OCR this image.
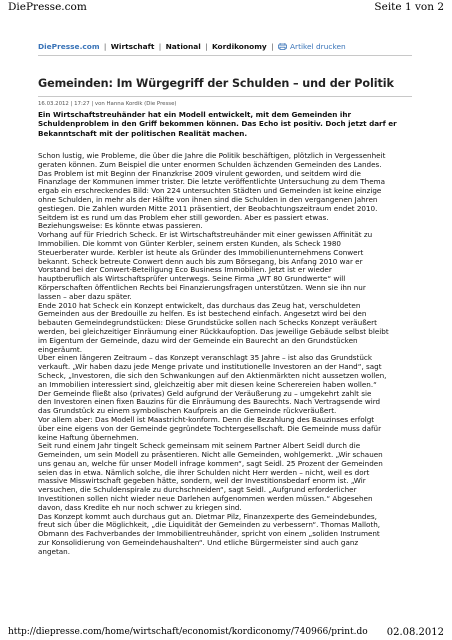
DiePresse.com	Seite 1 von 2
DiePresse.com | Wirtschaft | National | Kordikonomy | Artikel drucken
Gemeinden: Im Würgegriff der Schulden – und der Politik
16.03.2012 | 17:27 | von Hanna Kordik (Die Presse)
Ein Wirtschaftstreuhänder hat ein Modell entwickelt, mit dem Gemeinden ihr
Schuldenproblem in den Griff bekommen können. Das Echo ist positiv. Doch jetzt darf er
Bekanntschaft mit der politischen Realität machen.
Schon lustig, wie Probleme, die über die Jahre die Politik beschäftigen, plötzlich in Vergessenheit
geraten können. Zum Beispiel die unter enormen Schulden ächzenden Gemeinden des Landes.
Das Problem ist mit Beginn der Finanzkrise 2009 virulent geworden, und seitdem wird die
Finanzlage der Kommunen immer trister. Die letzte veröffentlichte Untersuchung zu dem Thema
ergab ein erschreckendes Bild: Von 224 untersuchten Städten und Gemeinden ist keine einzige
ohne Schulden, in mehr als der Hälfte von ihnen sind die Schulden in den vergangenen Jahren
gestiegen. Die Zahlen wurden Mitte 2011 präsentiert, der Beobachtungszeitraum endet 2010.
Seitdem ist es rund um das Problem eher still geworden. Aber es passiert etwas.
Beziehungsweise: Es könnte etwas passieren.
Vorhang auf für Friedrich Scheck. Er ist Wirtschaftstreuhänder mit einer gewissen Affinität zu
Immobilien. Die kommt von Günter Kerbler, seinem ersten Kunden, als Scheck 1980
Steuerberater wurde. Kerbler ist heute als Gründer des Immobilienunternehmens Conwert
bekannt. Scheck betreute Conwert denn auch bis zum Börsegang, bis Anfang 2010 war er
Vorstand bei der Conwert-Beteiligung Eco Business Immobilien. Jetzt ist er wieder
hauptberuflich als Wirtschaftsprüfer unterwegs. Seine Firma „WT 80 Grundwerte“ will
Körperschaften öffentlichen Rechts bei Finanzierungsfragen unterstützen. Wenn sie ihn nur
lassen – aber dazu später.
Ende 2010 hat Scheck ein Konzept entwickelt, das durchaus das Zeug hat, verschuldeten
Gemeinden aus der Bredouille zu helfen. Es ist bestechend einfach. Angesetzt wird bei den
bebauten Gemeindegrundstücken: Diese Grundstücke sollen nach Schecks Konzept veräußert
werden, bei gleichzeitiger Einräumung einer Rückkaufoption. Das jeweilige Gebäude selbst bleibt
im Eigentum der Gemeinde, dazu wird der Gemeinde ein Baurecht an den Grundstücken
eingeräumt.
Über einen längeren Zeitraum – das Konzept veranschlagt 35 Jahre – ist also das Grundstück
verkauft. „Wir haben dazu jede Menge private und institutionelle Investoren an der Hand“, sagt
Scheck, „Investoren, die sich den Schwankungen auf den Aktienmärkten nicht aussetzen wollen,
an Immobilien interessiert sind, gleichzeitig aber mit diesen keine Scherereien haben wollen.“
Der Gemeinde fließt also (privates) Geld aufgrund der Veräußerung zu – umgekehrt zahlt sie
den Investoren einen fixen Bauzins für die Einräumung des Baurechts. Nach Vertragsende wird
das Grundstück zu einem symbolischen Kaufpreis an die Gemeinde rückveräußert.
Vor allem aber: Das Modell ist Maastricht-konform. Denn die Bezahlung des Bauzinses erfolgt
über eine eigens von der Gemeinde gegründete Tochtergesellschaft. Die Gemeinde muss dafür
keine Haftung übernehmen.
Seit rund einem Jahr tingelt Scheck gemeinsam mit seinem Partner Albert Seidl durch die
Gemeinden, um sein Modell zu präsentieren. Nicht alle Gemeinden, wohlgemerkt. „Wir schauen
uns genau an, welche für unser Modell infrage kommen“, sagt Seidl. 25 Prozent der Gemeinden
seien das in etwa. Nämlich solche, die ihrer Schulden nicht Herr werden – nicht, weil es dort
massive Misswirtschaft gegeben hätte, sondern, weil der Investitionsbedarf enorm ist. „Wir
versuchen, die Schuldenspirale zu durchschneiden“, sagt Seidl. „Aufgrund erforderlicher
Investitionen sollen nicht wieder neue Darlehen aufgenommen werden müssen.“ Abgesehen
davon, dass Kredite eh nur noch schwer zu kriegen sind.
Das Konzept kommt auch durchaus gut an. Dietmar Pilz, Finanzexperte des Gemeindebundes,
freut sich über die Möglichkeit, „die Liquidität der Gemeinden zu verbessern“. Thomas Malloth,
Obmann des Fachverbandes der Immobilientreuhänder, spricht von einem „soliden Instrument
zur Konsolidierung von Gemeindehaushalten“. Und etliche Bürgermeister sind auch ganz
angetan.
http://diepresse.com/home/wirtschaft/economist/kordiconomy/740966/print.do 02.08.2012
